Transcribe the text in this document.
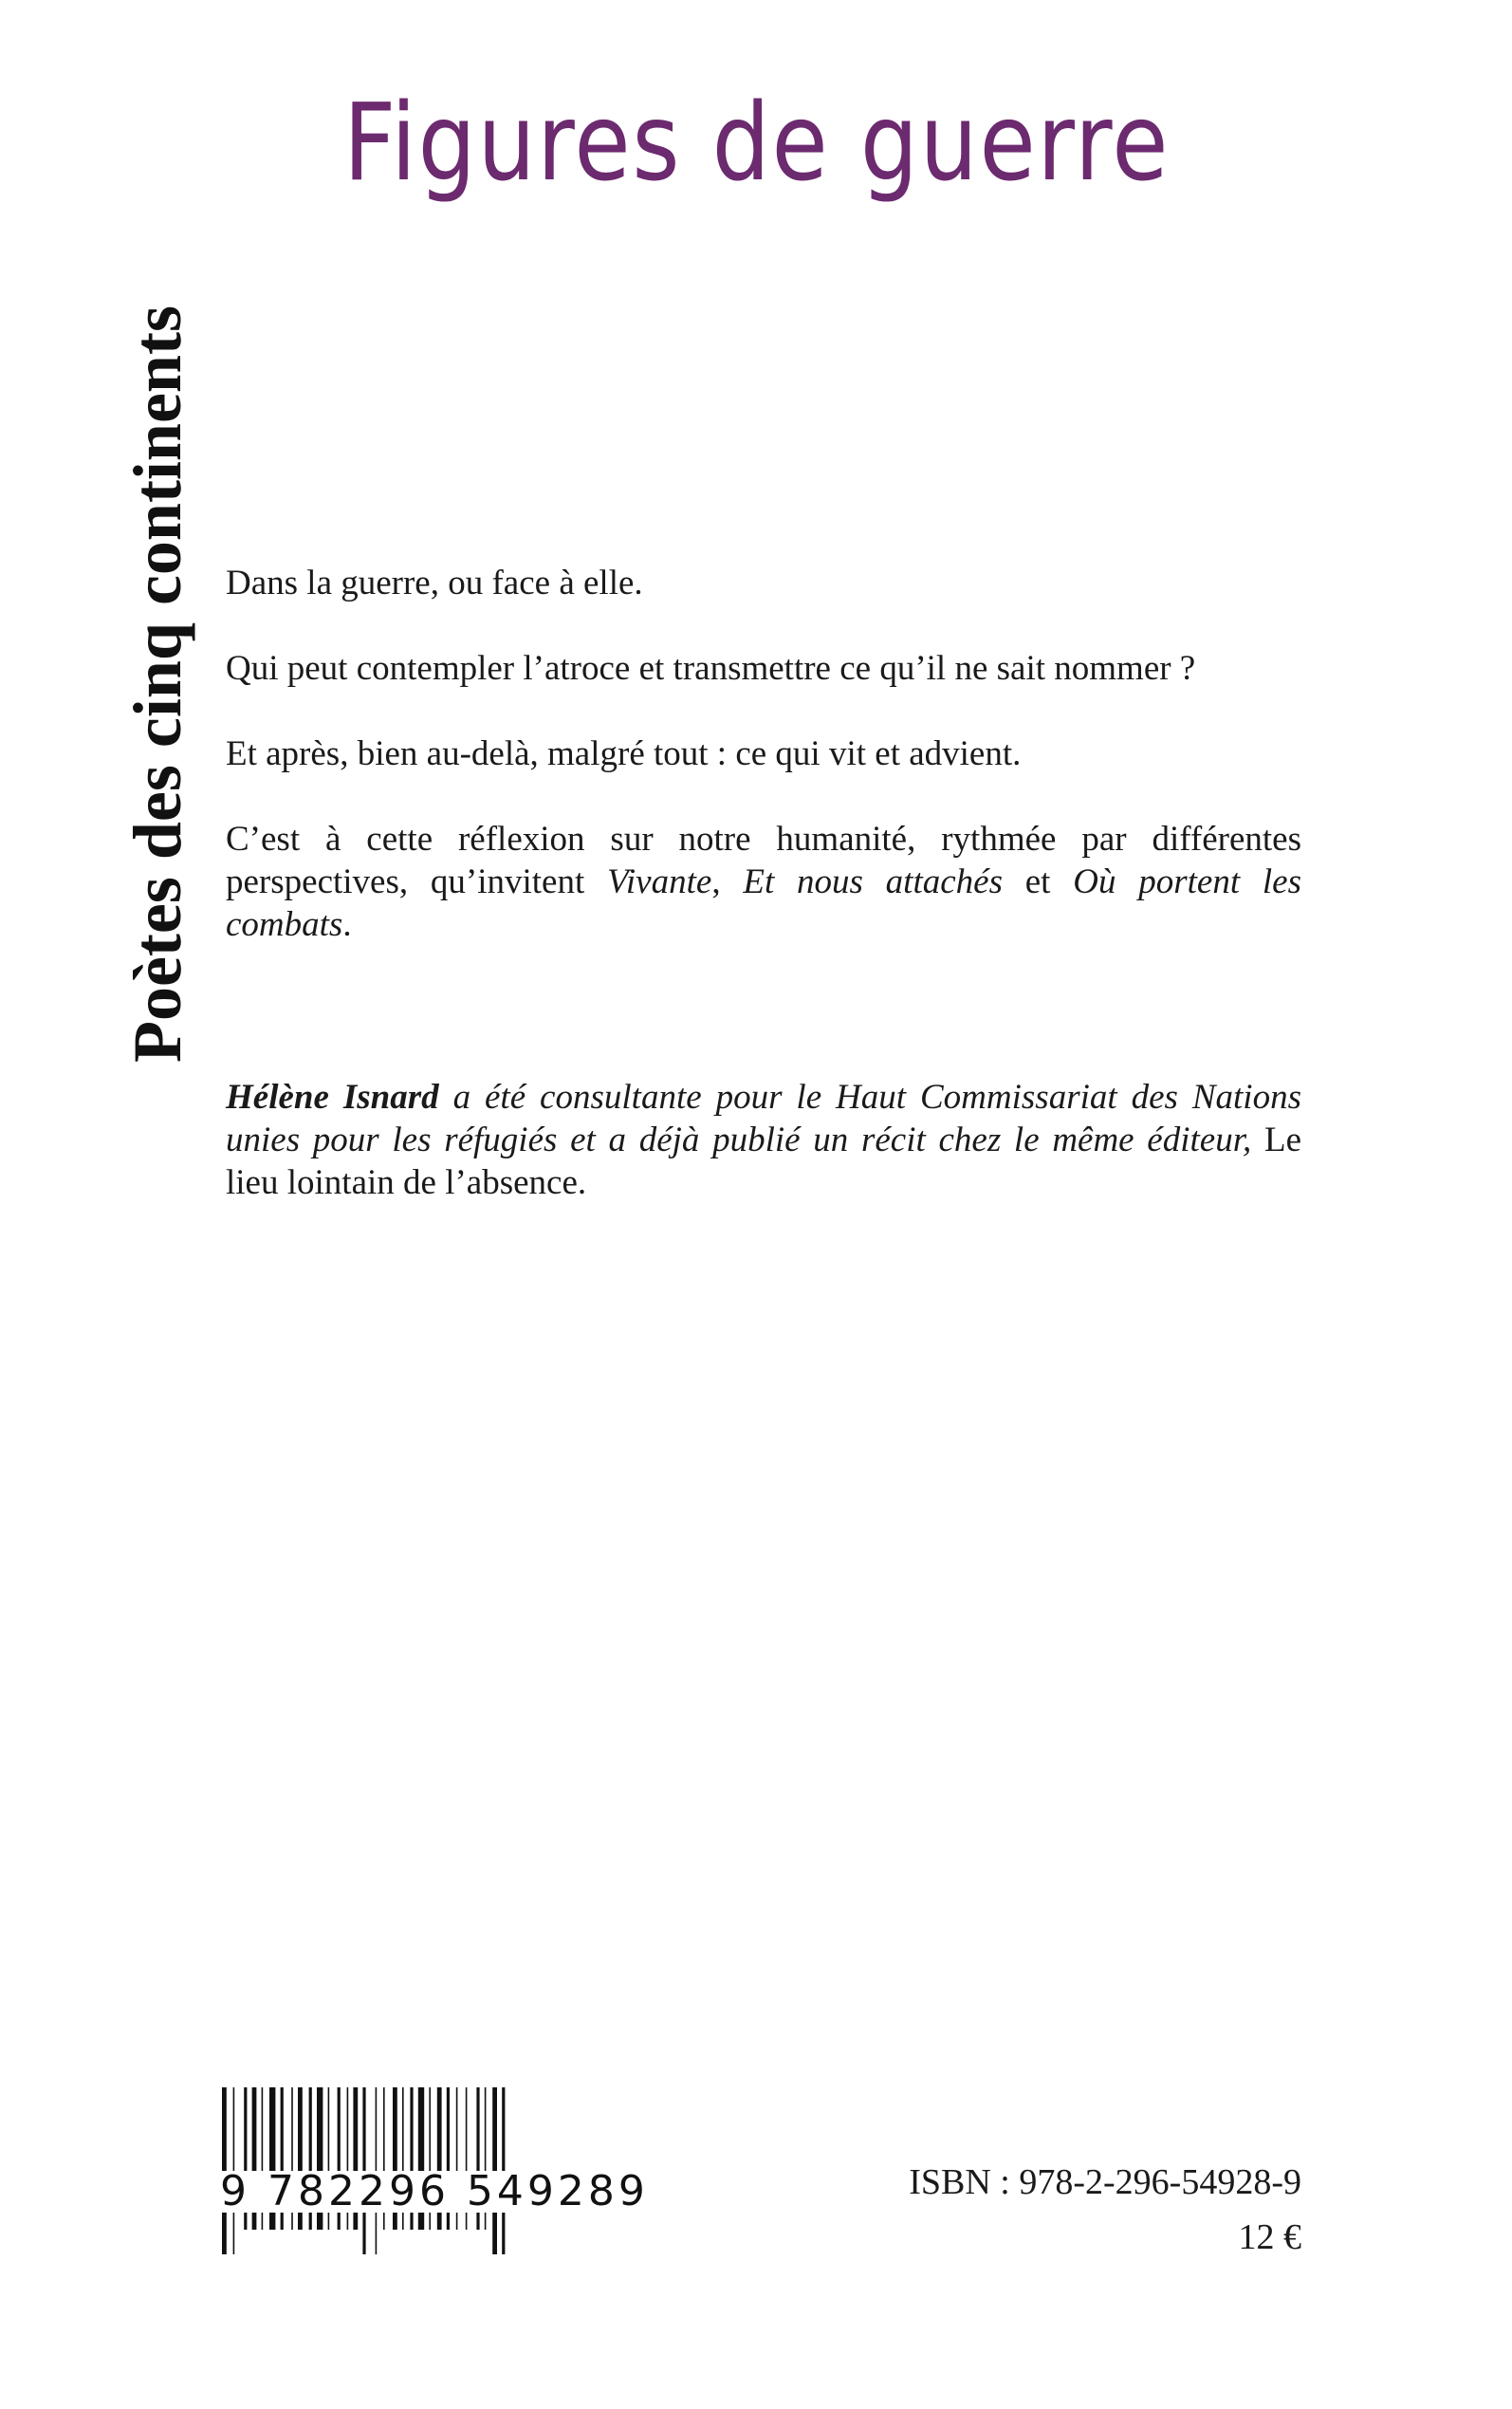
Figures de guerre
Poètes des cinq continents Dans la guerre, ou face à elle.

Qui peut contempler l’atroce et transmettre ce qu’il ne sait nommer ?

Et après, bien au-delà, malgré tout : ce qui vit et advient.

C’est à cette réflexion sur notre humanité, rythmée par différentes perspectives, qu’invitent Vivante, Et nous attachés et Où portent les combats.

Hélène Isnard a été consultante pour le Haut Commissariat des Nations unies pour les réfugiés et a déjà publié un récit chez le même éditeur, Le lieu lointain de l’absence.

9 782296 549289	ISBN : 978-2-296-54928-9
12 €
